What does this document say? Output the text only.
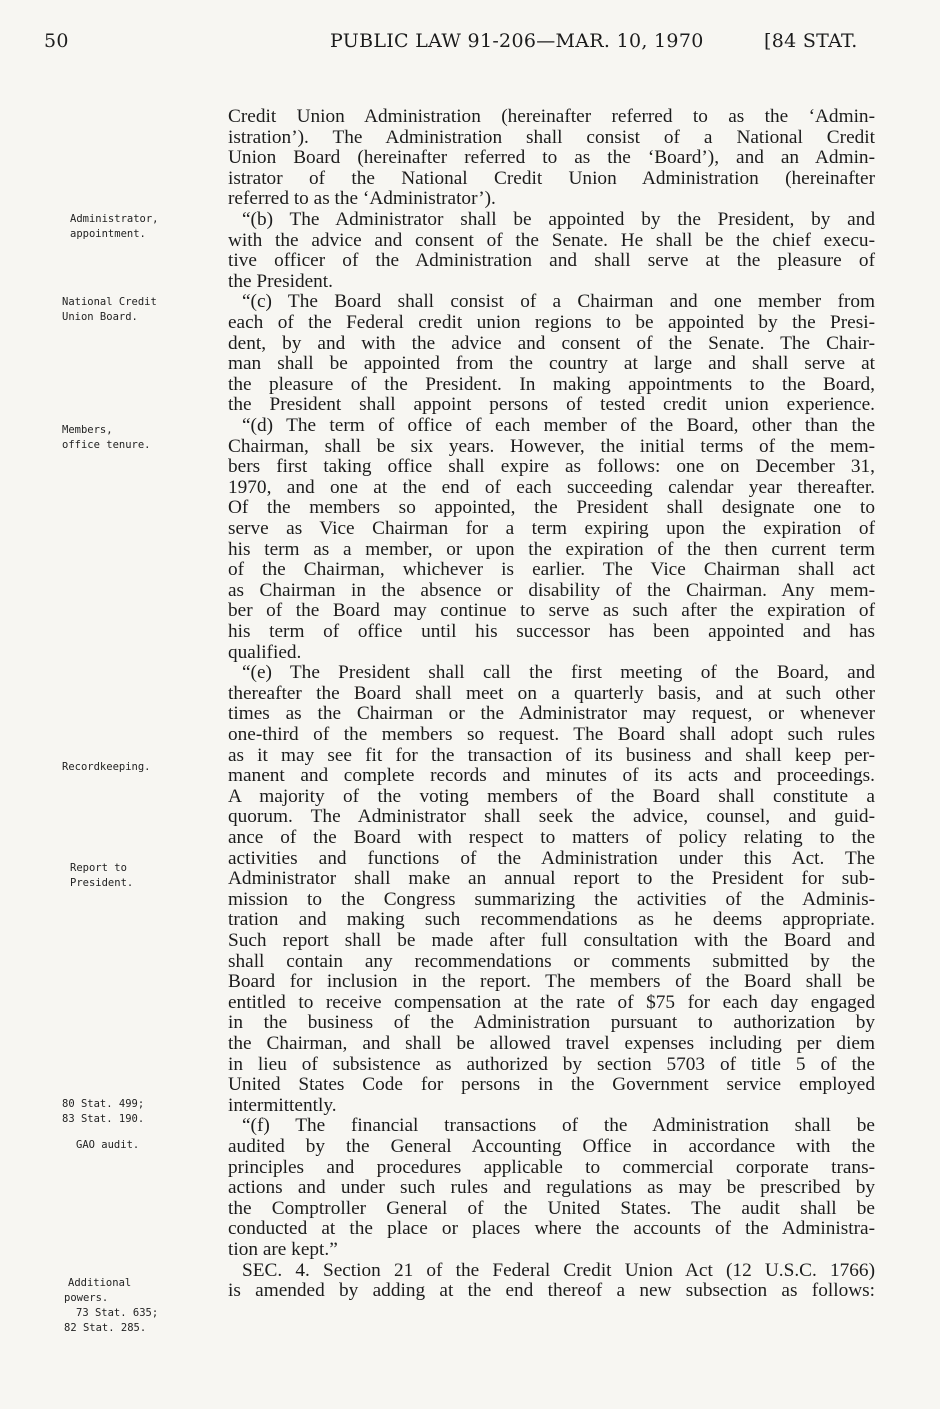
50	PUBLIC LAW 91-206—MAR. 10, 1970	[84 STAT.
Credit Union Administration (hereinafter referred to as the ‘Admin-
istration’). The Administration shall consist of a National Credit
Union Board (hereinafter referred to as the ‘Board’), and an Admin-
istrator of the National Credit Union Administration (hereinafter
referred to as the ‘Administrator’).
“(b) The Administrator shall be appointed by the President, by and
with the advice and consent of the Senate. He shall be the chief execu-
tive officer of the Administration and shall serve at the pleasure of
the President.
“(c) The Board shall consist of a Chairman and one member from
each of the Federal credit union regions to be appointed by the Presi-
dent, by and with the advice and consent of the Senate. The Chair-
man shall be appointed from the country at large and shall serve at
the pleasure of the President. In making appointments to the Board,
the President shall appoint persons of tested credit union experience.
“(d) The term of office of each member of the Board, other than the
Chairman, shall be six years. However, the initial terms of the mem-
bers first taking office shall expire as follows: one on December 31,
1970, and one at the end of each succeeding calendar year thereafter.
Of the members so appointed, the President shall designate one to
serve as Vice Chairman for a term expiring upon the expiration of
his term as a member, or upon the expiration of the then current term
of the Chairman, whichever is earlier. The Vice Chairman shall act
as Chairman in the absence or disability of the Chairman. Any mem-
ber of the Board may continue to serve as such after the expiration of
his term of office until his successor has been appointed and has
qualified.
“(e) The President shall call the first meeting of the Board, and
thereafter the Board shall meet on a quarterly basis, and at such other
times as the Chairman or the Administrator may request, or whenever
one-third of the members so request. The Board shall adopt such rules
as it may see fit for the transaction of its business and shall keep per-
manent and complete records and minutes of its acts and proceedings.
A majority of the voting members of the Board shall constitute a
quorum. The Administrator shall seek the advice, counsel, and guid-
ance of the Board with respect to matters of policy relating to the
activities and functions of the Administration under this Act. The
Administrator shall make an annual report to the President for sub-
mission to the Congress summarizing the activities of the Adminis-
tration and making such recommendations as he deems appropriate.
Such report shall be made after full consultation with the Board and
shall contain any recommendations or comments submitted by the
Board for inclusion in the report. The members of the Board shall be
entitled to receive compensation at the rate of $75 for each day engaged
in the business of the Administration pursuant to authorization by
the Chairman, and shall be allowed travel expenses including per diem
in lieu of subsistence as authorized by section 5703 of title 5 of the
United States Code for persons in the Government service employed
intermittently.
“(f) The financial transactions of the Administration shall be
audited by the General Accounting Office in accordance with the
principles and procedures applicable to commercial corporate trans-
actions and under such rules and regulations as may be prescribed by
the Comptroller General of the United States. The audit shall be
conducted at the place or places where the accounts of the Administra-
tion are kept.”
SEC. 4. Section 21 of the Federal Credit Union Act (12 U.S.C. 1766)
is amended by adding at the end thereof a new subsection as follows:
Administrator,
appointment.
National Credit
Union Board.
Members,
office tenure.
Recordkeeping.
Report to
President.
80 Stat. 499;
83 Stat. 190.
GAO audit.
Additional
powers.
73 Stat. 635;
82 Stat. 285.
